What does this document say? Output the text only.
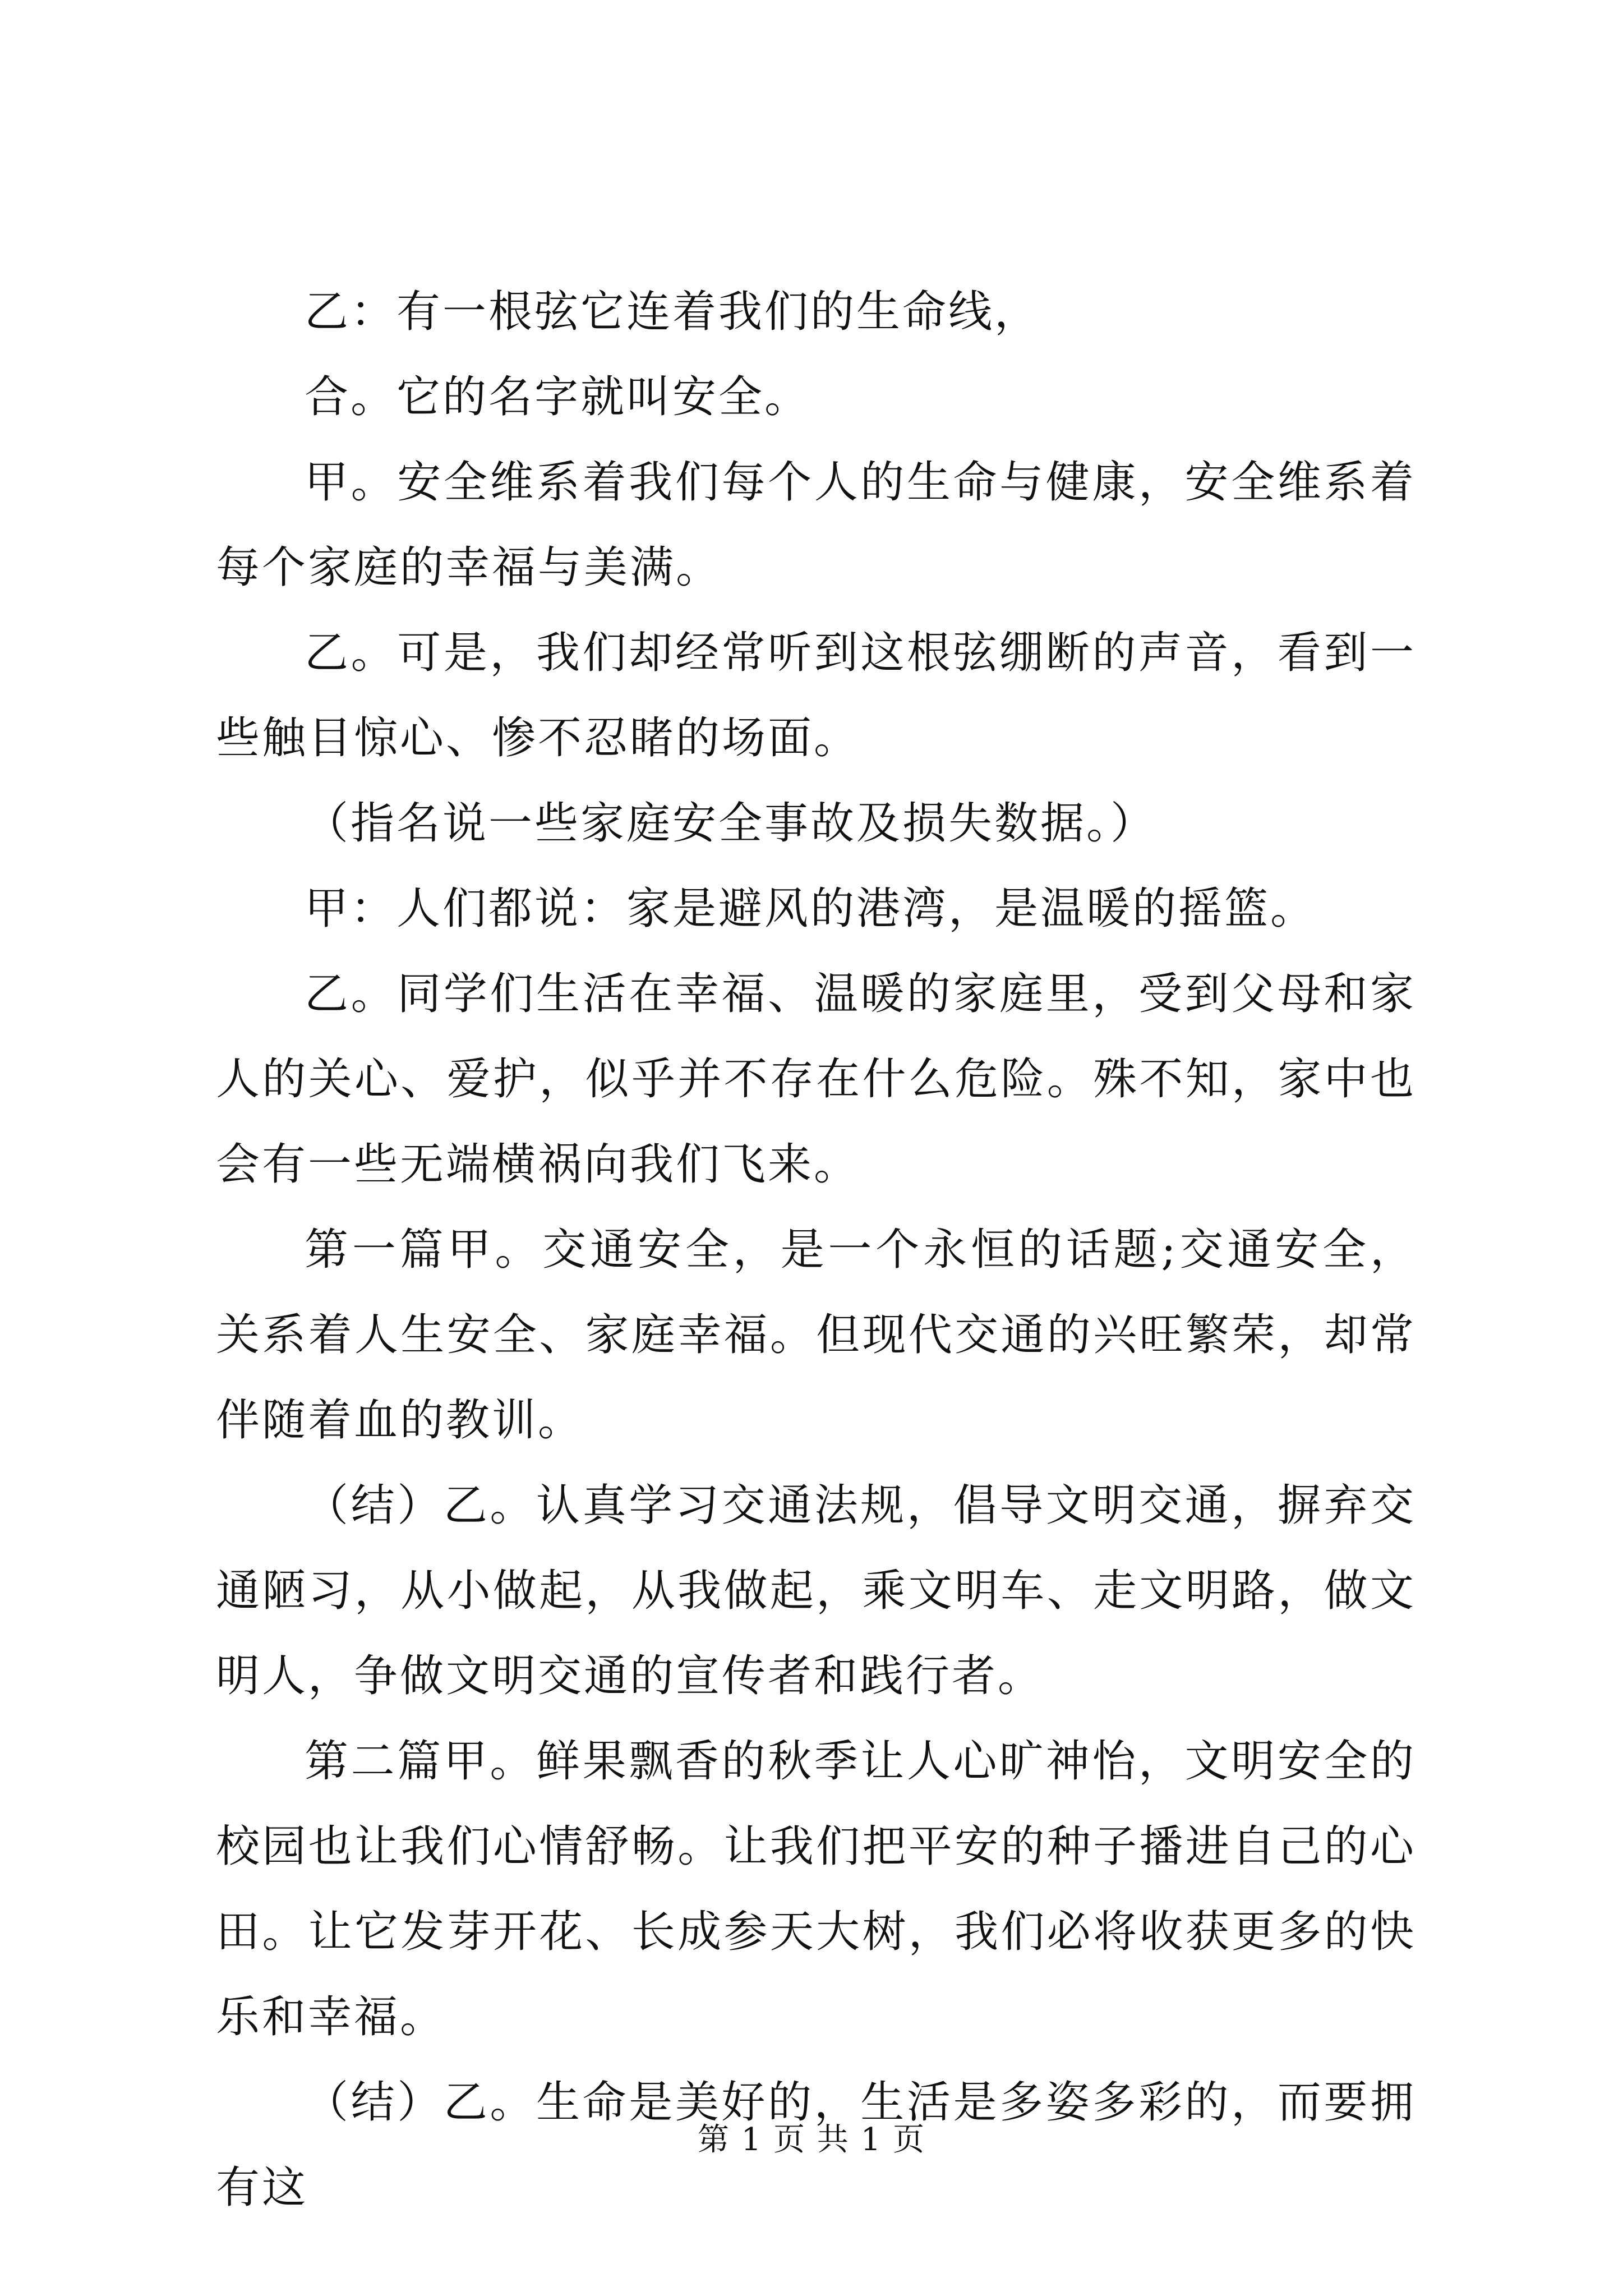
乙：有一根弦它连着我们的生命线，

合。它的名字就叫安全。

甲。安全维系着我们每个人的生命与健康，安全维系着每个家庭的幸福与美满。

乙。可是，我们却经常听到这根弦绷断的声音，看到一些触目惊心、惨不忍睹的场面。

（指名说一些家庭安全事故及损失数据。）

甲：人们都说：家是避风的港湾，是温暖的摇篮。

乙。同学们生活在幸福、温暖的家庭里，受到父母和家人的关心、爱护，似乎并不存在什么危险。殊不知，家中也会有一些无端横祸向我们飞来。

第一篇甲。交通安全，是一个永恒的话题;交通安全，关系着人生安全、家庭幸福。但现代交通的兴旺繁荣，却常伴随着血的教训。

（结）乙。认真学习交通法规，倡导文明交通，摒弃交通陋习，从小做起，从我做起，乘文明车、走文明路，做文明人，争做文明交通的宣传者和践行者。

第二篇甲。鲜果飘香的秋季让人心旷神怡，文明安全的校园也让我们心情舒畅。让我们把平安的种子播进自己的心田。让它发芽开花、长成参天大树，我们必将收获更多的快乐和幸福。

（结）乙。生命是美好的，生活是多姿多彩的，而要拥有这

第 1 页 共 1 页
